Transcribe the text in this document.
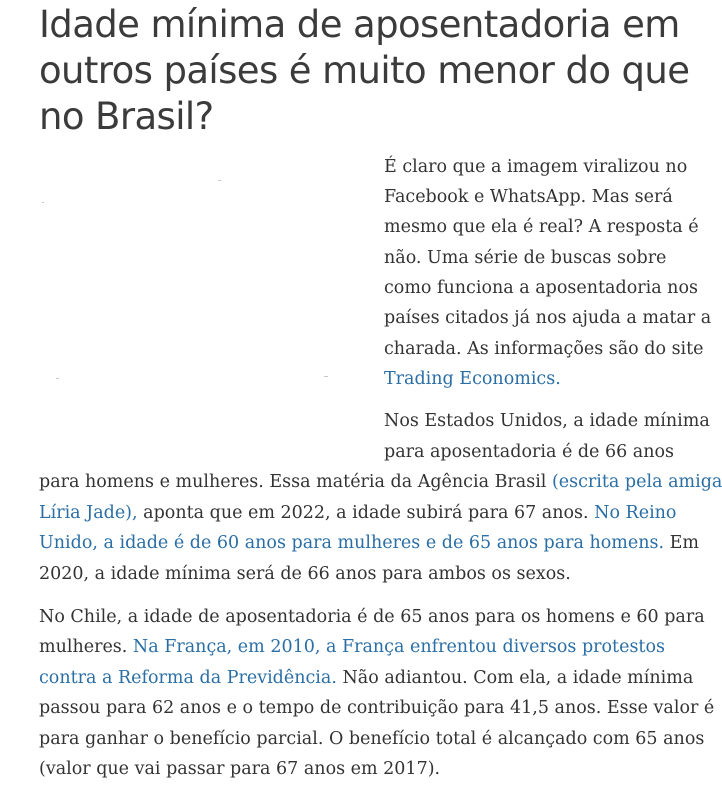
Idade mínima de aposentadoria em
outros países é muito menor do que
no Brasil?
É claro que a imagem viralizou no
Facebook e WhatsApp. Mas será
mesmo que ela é real? A resposta é
não. Uma série de buscas sobre
como funciona a aposentadoria nos
países citados já nos ajuda a matar a
charada. As informações são do site
Trading Economics.
Nos Estados Unidos, a idade mínima
para aposentadoria é de 66 anos
para homens e mulheres. Essa matéria da Agência Brasil (escrita pela amiga
Líria Jade), aponta que em 2022, a idade subirá para 67 anos. No Reino
Unido, a idade é de 60 anos para mulheres e de 65 anos para homens. Em
2020, a idade mínima será de 66 anos para ambos os sexos.
No Chile, a idade de aposentadoria é de 65 anos para os homens e 60 para
mulheres. Na França, em 2010, a França enfrentou diversos protestos
contra a Reforma da Previdência. Não adiantou. Com ela, a idade mínima
passou para 62 anos e o tempo de contribuição para 41,5 anos. Esse valor é
para ganhar o benefício parcial. O benefício total é alcançado com 65 anos
(valor que vai passar para 67 anos em 2017).
